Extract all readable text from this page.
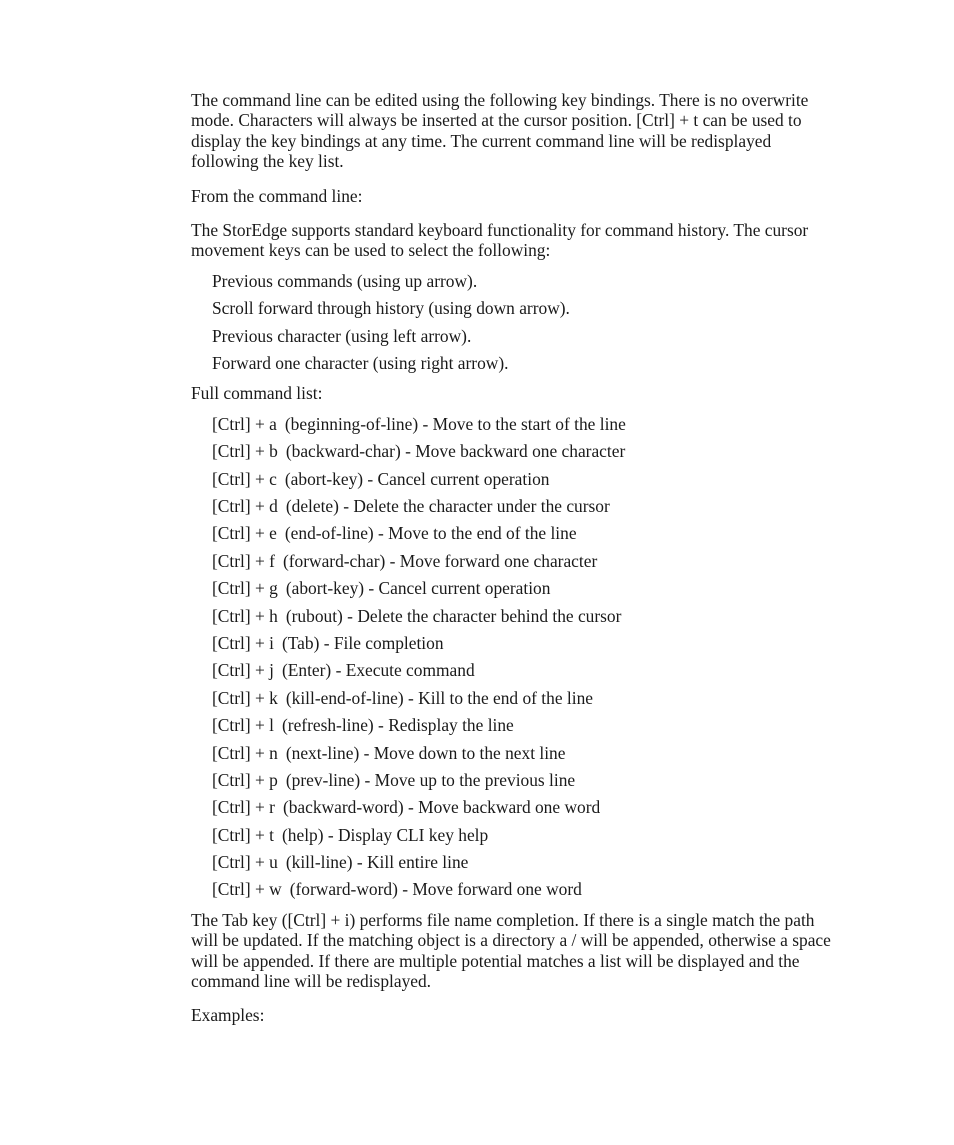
The command line can be edited using the following key bindings. There is no overwrite mode. Characters will always be inserted at the cursor position. [Ctrl] + t can be used to display the key bindings at any time. The current command line will be redisplayed following the key list.

From the command line:

The StorEdge supports standard keyboard functionality for command history. The cursor movement keys can be used to select the following:

Previous commands (using up arrow).
Scroll forward through history (using down arrow).
Previous character (using left arrow).
Forward one character (using right arrow).

Full command list:

[Ctrl] + a (beginning-of-line) - Move to the start of the line
[Ctrl] + b (backward-char) - Move backward one character
[Ctrl] + c (abort-key) - Cancel current operation
[Ctrl] + d (delete) - Delete the character under the cursor
[Ctrl] + e (end-of-line) - Move to the end of the line
[Ctrl] + f (forward-char) - Move forward one character
[Ctrl] + g (abort-key) - Cancel current operation
[Ctrl] + h (rubout) - Delete the character behind the cursor
[Ctrl] + i (Tab) - File completion
[Ctrl] + j (Enter) - Execute command
[Ctrl] + k (kill-end-of-line) - Kill to the end of the line
[Ctrl] + l (refresh-line) - Redisplay the line
[Ctrl] + n (next-line) - Move down to the next line
[Ctrl] + p (prev-line) - Move up to the previous line
[Ctrl] + r (backward-word) - Move backward one word
[Ctrl] + t (help) - Display CLI key help
[Ctrl] + u (kill-line) - Kill entire line
[Ctrl] + w (forward-word) - Move forward one word

The Tab key ([Ctrl] + i) performs file name completion. If there is a single match the path will be updated. If the matching object is a directory a / will be appended, otherwise a space will be appended. If there are multiple potential matches a list will be displayed and the command line will be redisplayed.

Examples:
